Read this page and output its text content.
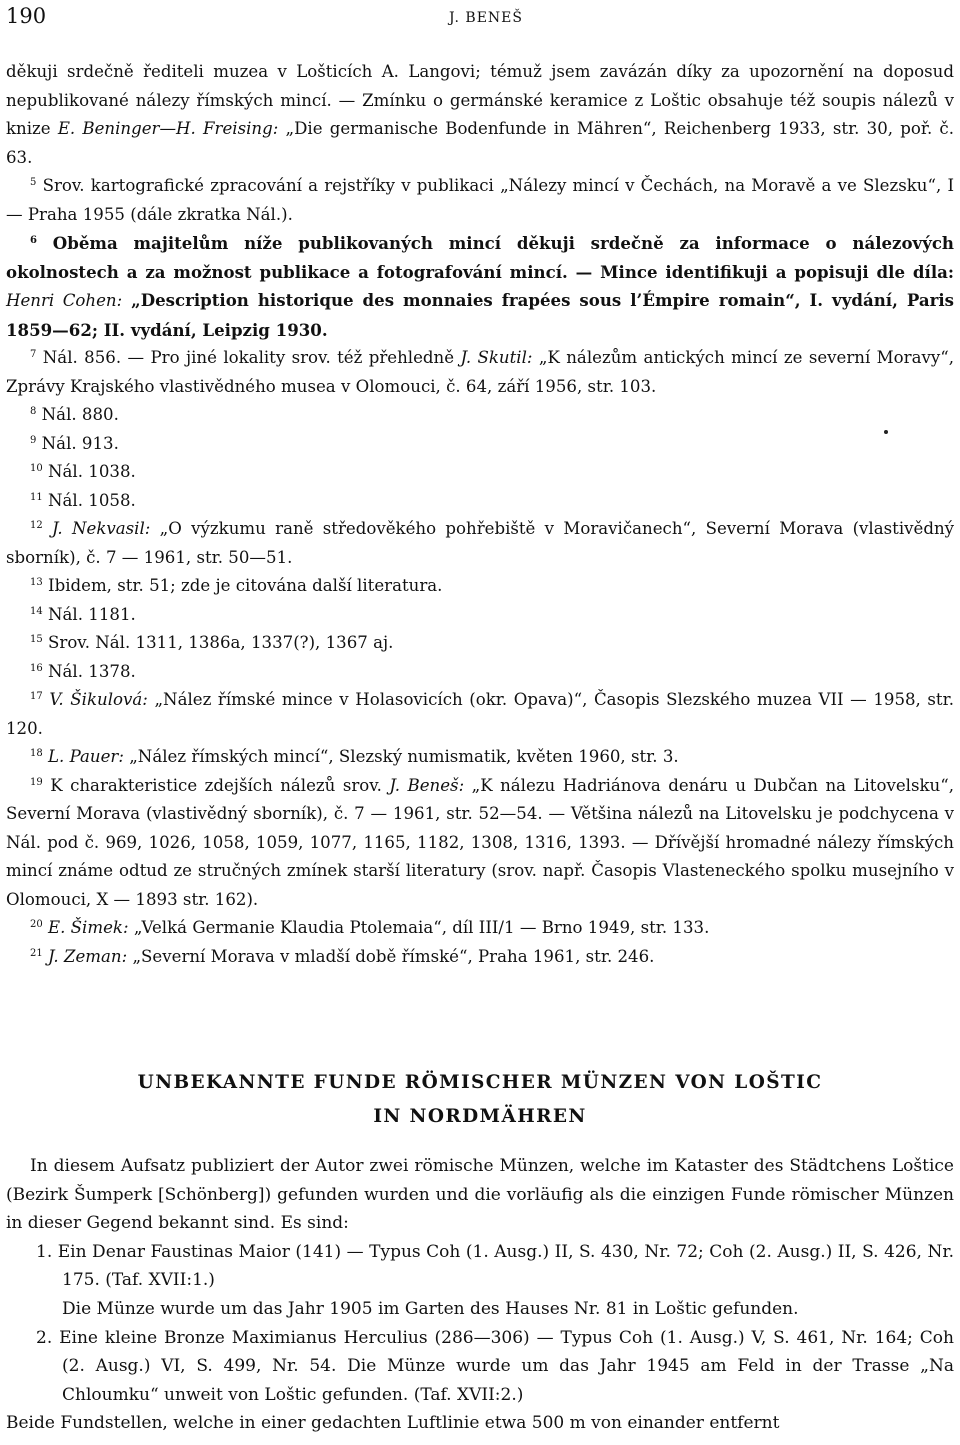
190	J. BENEŠ

děkuji srdečně řediteli muzea v Lošticích A. Langovi; témuž jsem zavázán díky za upozornění na doposud nepublikované nálezy římských mincí. — Zmínku o germánské keramice z Loštic obsahuje též soupis nálezů v knize E. Beninger—H. Freising: „Die germanische Bodenfunde in Mähren“, Reichenberg 1933, str. 30, poř. č. 63.

$^5$ Srov. kartografické zpracování a rejstříky v publikaci „Nálezy mincí v Čechách, na Moravě a ve Slezsku“, I — Praha 1955 (dále zkratka Nál.).

$^6$ Oběma majitelům níže publikovaných mincí děkuji srdečně za informace o nálezových okolnostech a za možnost publikace a fotografování mincí. — Mince identifikuji a popisuji dle díla: Henri Cohen: „Description historique des monnaies frapées sous l’Émpire romain“, I. vydání, Paris 1859—62; II. vydání, Leipzig 1930.

$^7$ Nál. 856. — Pro jiné lokality srov. též přehledně J. Skutil: „K nálezům antických mincí ze severní Moravy“, Zprávy Krajského vlastivědného musea v Olomouci, č. 64, září 1956, str. 103.

$^8$ Nál. 880.

$^9$ Nál. 913.

$^{10}$ Nál. 1038.

$^{11}$ Nál. 1058.

$^{12}$ J. Nekvasil: „O výzkumu raně středověkého pohřebiště v Moravičanech“, Severní Morava (vlastivědný sborník), č. 7 — 1961, str. 50—51.

$^{13}$ Ibidem, str. 51; zde je citována další literatura.

$^{14}$ Nál. 1181.

$^{15}$ Srov. Nál. 1311, 1386a, 1337(?), 1367 aj.

$^{16}$ Nál. 1378.

$^{17}$ V. Šikulová: „Nález římské mince v Holasovicích (okr. Opava)“, Časopis Slezského muzea VII — 1958, str. 120.

$^{18}$ L. Pauer: „Nález římských mincí“, Slezský numismatik, květen 1960, str. 3.

$^{19}$ K charakteristice zdejších nálezů srov. J. Beneš: „K nálezu Hadriánova denáru u Dubčan na Litovelsku“, Severní Morava (vlastivědný sborník), č. 7 — 1961, str. 52—54. — Většina nálezů na Litovelsku je podchycena v Nál. pod č. 969, 1026, 1058, 1059, 1077, 1165, 1182, 1308, 1316, 1393. — Dřívější hromadné nálezy římských mincí známe odtud ze stručných zmínek starší literatury (srov. např. Časopis Vlasteneckého spolku musejního v Olomouci, X — 1893 str. 162).

$^{20}$ E. Šimek: „Velká Germanie Klaudia Ptolemaia“, díl III/1 — Brno 1949, str. 133.

$^{21}$ J. Zeman: „Severní Morava v mladší době římské“, Praha 1961, str. 246.

UNBEKANNTE FUNDE RÖMISCHER MÜNZEN VON LOŠTIC
IN NORDMÄHREN

In diesem Aufsatz publiziert der Autor zwei römische Münzen, welche im Kataster des Städtchens Loštice (Bezirk Šumperk [Schönberg]) gefunden wurden und die vorläufig als die einzigen Funde römischer Münzen in dieser Gegend bekannt sind. Es sind:

1. Ein Denar Faustinas Maior (141) — Typus Coh (1. Ausg.) II, S. 430, Nr. 72; Coh (2. Ausg.) II, S. 426, Nr. 175. (Taf. XVII:1.)

Die Münze wurde um das Jahr 1905 im Garten des Hauses Nr. 81 in Loštic gefunden.

2. Eine kleine Bronze Maximianus Herculius (286—306) — Typus Coh (1. Ausg.) V, S. 461, Nr. 164; Coh (2. Ausg.) VI, S. 499, Nr. 54. Die Münze wurde um das Jahr 1945 am Feld in der Trasse „Na Chloumku“ unweit von Loštic gefunden. (Taf. XVII:2.)

Beide Fundstellen, welche in einer gedachten Luftlinie etwa 500 m von einander entfernt
